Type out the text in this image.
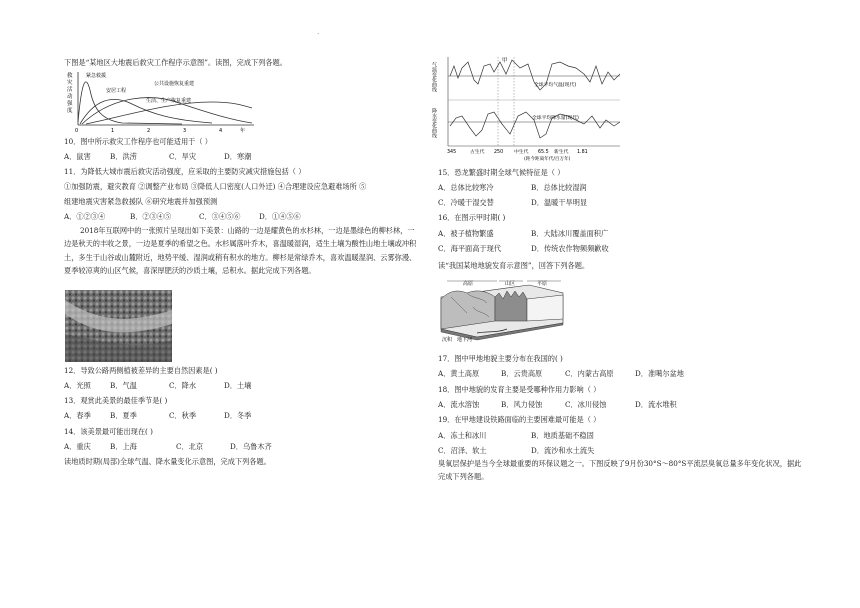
·
下图是“某地区大地震后救灾工作程序示意图”。读图，完成下列各题。
救
灾
活
动
强
度
紧急救援
安居工程
公共设施恢复重建
生活、生产恢复重建
0	1	2	3	4	年
10．图中所示救灾工作程序也可能适用于（ ）
A．鼠害	B．洪涝	C．旱灾	D．寒潮
11．为降低大城市震后救灾活动强度，应采取的主要防灾减灾措施包括（ ）
①加强防震，避灾教育 ②调整产业布局 ③降低人口密度(人口外迁) ④合理建设应急避难场所 ⑤
组建地震灾害紧急救援队 ⑥研究地震并加强预测
A．①②③④	B．②③④⑤	C．③④⑤⑥	D．①④⑤⑥
2018年互联网中的一张照片呈现出如下美景：山路的一边是耀黄色的水杉林，一边是墨绿色的柳杉林，一边是秋天的丰收之景，一边是夏季的希望之色。水杉属落叶乔木，喜温暖湿润，适生土壤为酸性山地土壤或冲积土，多生于山谷或山麓附近，地势平缓、湿润或稍有积水的地方。柳杉是常绿乔木，喜欢温暖湿润、云雾弥漫、夏季较凉爽的山区气候，喜深厚肥沃的沙质土壤，忌积水。据此完成下列各题。
12．导致公路两侧植被差异的主要自然因素是( )
A．光照	B．气温	C．降水	D．土壤
13．观赏此美景的最佳季节是( )
A．春季	B．夏季	C．秋季	D．冬季
14．该美景最可能出现在( )
A．重庆	B．上海	C．北京	D．乌鲁木齐
读地质时期(局部)全球气温、降水量变化示意图，完成下列各题。
气温变化曲线
降水变化曲线
甲
全球平均气温(现代)
全球平均降水量(现代)
345	古生代 250 中生代 65.5 新生代 1.81
(距今距离年代/百万年)
15．恐龙繁盛时期全球气候特征是（ ）
A．总体比较寒冷	B．总体比较湿润
C．冷暖干湿交替	D．温暖干旱明显
16．在图示甲时期( )
A．被子植物繁盛	B．大陆冰川覆盖面积广
C．海平面高于现代	D．传统农作物频频歉收
读“我国某地地貌发育示意图”，回答下列各题。
高原	山区	平原
沉积 地下河
17．图中甲地地貌主要分布在我国的( )
A．黄土高原	B．云贵高原	C．内蒙古高原	D．准噶尔盆地
18．图中地貌的发育主要是受哪种作用力影响（ ）
A．流水溶蚀	B．风力侵蚀	C．冰川侵蚀	D．流水堆积
19．在甲地建设铁路面临的主要困难最可能是（ ）
A．冻土和冰川	B．地质基础不稳固
C．沼泽、软土	D．流沙和水土流失
臭氧层保护是当今全球最重要的环保议题之一。下图反映了9月份30°S～80°S平流层臭氧总量多年变化状况，据此完成下列各题。
